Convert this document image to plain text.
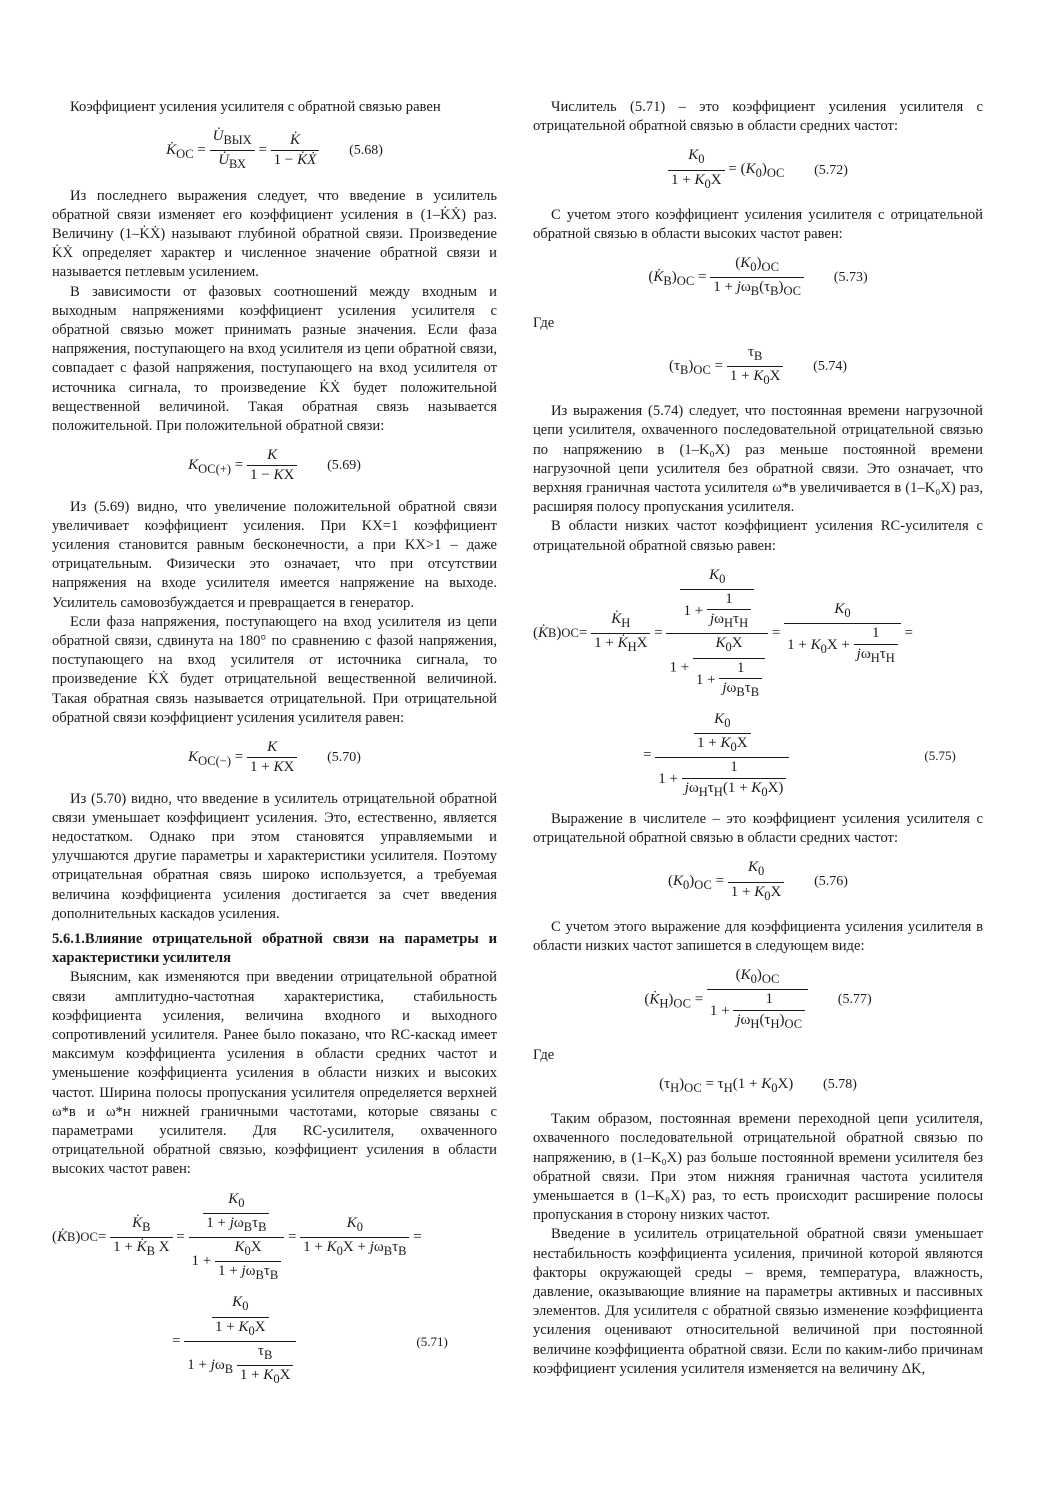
Коэффициент усиления усилителя с обратной связью равен

$K̇_{ОС} = \frac{U̇_{ВЫХ}}{U̇_{ВХ}} = \frac{K̇}{\text{1 − K̇Ẋ}} (5.68)$

Из последнего выражения следует, что введение в усилитель обратной связи изменяет его коэффициент усиления в (1–K̇Ẋ) раз. Величину (1–K̇Ẋ) называют глубиной обратной связи. Произведение K̇Ẋ определяет характер и численное значение обратной связи и называется петлевым усилением.

В зависимости от фазовых соотношений между входным и выходным напряжениями коэффициент усиления усилителя с обратной связью может принимать разные значения. Если фаза напряжения, поступающего на вход усилителя из цепи обратной связи, совпадает с фазой напряжения, поступающего на вход усилителя от источника сигнала, то произведение K̇Ẋ будет положительной вещественной величиной. Такая обратная связь называется положительной. При положительной обратной связи:

$K_{ОС(+)} = \frac{K}{1 - KX} (5.69)$

Из (5.69) видно, что увеличение положительной обратной связи увеличивает коэффициент усиления. При KX=1 коэффициент усиления становится равным бесконечности, а при KX>1 – даже отрицательным. Физически это означает, что при отсутствии напряжения на входе усилителя имеется напряжение на выходе. Усилитель самовозбуждается и превращается в генератор.

Если фаза напряжения, поступающего на вход усилителя из цепи обратной связи, сдвинута на 180° по сравнению с фазой напряжения, поступающего на вход усилителя от источника сигнала, то произведение K̇Ẋ будет отрицательной вещественной величиной. Такая обратная связь называется отрицательной. При отрицательной обратной связи коэффициент усиления усилителя равен:

$K_{ОС(-)} = \frac{K}{1 + KX} (5.70)$

Из (5.70) видно, что введение в усилитель отрицательной обратной связи уменьшает коэффициент усиления. Это, естественно, является недостатком. Однако при этом становятся управляемыми и улучшаются другие параметры и характеристики усилителя. Поэтому отрицательная обратная связь широко используется, а требуемая величина коэффициента усиления достигается за счет введения дополнительных каскадов усиления.

5.6.1.Влияние отрицательной обратной связи на параметры и характеристики усилителя

Выясним, как изменяются при введении отрицательной обратной связи амплитудно-частотная характеристика, стабильность коэффициента усиления, величина входного и выходного сопротивлений усилителя. Ранее было показано, что RC-каскад имеет максимум коэффициента усиления в области средних частот и уменьшение коэффициента усиления в области низких и высоких частот. Ширина полосы пропускания усилителя определяется верхней ω*в и ω*н нижней граничными частотами, которые связаны с параметрами усилителя. Для RC-усилителя, охваченного отрицательной обратной связью, коэффициент усиления в области высоких частот равен:

( K̇ В ) ОС = $\frac{K̇_В}{1 + K̇_В X} = \frac{\frac{K_0}{1 + j\omega_В\tau_В}}{1 + \frac{K_0X}{1 + j\omega_В\tau_В}} = \frac{K_0}{1 + K_0X + j\omega_В\tau_В}$ =
= $\frac{\frac{K_0}{1 + K_0X}}{1 + j\omega_В \frac{\tau_В}{1 + K_0X}}$	(5.71)

Числитель (5.71) – это коэффициент усиления усилителя с отрицательной обратной связью в области средних частот:

$\frac{K_0}{1 + K_0X} = (K_0)_{ОС}$ (5.72)

С учетом этого коэффициент усиления усилителя с отрицательной обратной связью в области высоких частот равен:

$(K̇_В)_{ОС} = \frac{(K_0)_{ОС}}{1 + j\omega_В(\tau_В)_{ОС}} (5.73)$

Где

$(\tau_В)_{ОС} = \frac{\tau_В}{1 + K_0X} (5.74)$

Из выражения (5.74) следует, что постоянная времени нагрузочной цепи усилителя, охваченного последовательной отрицательной связью по напряжению в (1–K₀X) раз меньше постоянной времени нагрузочной цепи усилителя без обратной связи. Это означает, что верхняя граничная частота усилителя ω*в увеличивается в (1–K₀X) раз, расширяя полосу пропускания усилителя.

В области низких частот коэффициент усиления RC-усилителя с отрицательной обратной связью равен:

( K̇ В ) ОС = $\frac{K̇_Н}{1 + K̇_НX} = \frac{\frac{K_0}{1 + \frac{1}{j\omega_Н\tau_Н}}}{1 + \frac{K_0X}{1 + \frac{1}{j\omega_В\tau_В}}} = \frac{K_0}{1 + K_0X + \frac{1}{j\omega_Н\tau_Н}}$ =
= $\frac{\frac{K_0}{1 + K_0X}}{1 + \frac{1}{j\omega_Н\tau_Н(1 + K_0X)}}$	(5.75)

Выражение в числителе – это коэффициент усиления усилителя с отрицательной обратной связью в области средних частот:

$(K_0)_{ОС} = \frac{K_0}{1 + K_0X} (5.76)$

С учетом этого выражение для коэффициента усиления усилителя в области низких частот запишется в следующем виде:

$(K̇_Н)_{ОС} = \frac{(K_0)_{ОС}}{1 + \frac{1}{j\omega_Н(\tau_Н)_{ОС}}} (5.77)$

Где

$(\tau_Н)_{ОС} = \tau_Н(1 + K_0X)$ (5.78)

Таким образом, постоянная времени переходной цепи усилителя, охваченного последовательной отрицательной обратной связью по напряжению, в (1–K₀X) раз больше постоянной времени усилителя без обратной связи. При этом нижняя граничная частота усилителя уменьшается в (1–K₀X) раз, то есть происходит расширение полосы пропускания в сторону низких частот.

Введение в усилитель отрицательной обратной связи уменьшает нестабильность коэффициента усиления, причиной которой являются факторы окружающей среды – время, температура, влажность, давление, оказывающие влияние на параметры активных и пассивных элементов. Для усилителя с обратной связью изменение коэффициента усиления оценивают относительной величиной при постоянной величине коэффициента обратной связи. Если по каким-либо причинам коэффициент усиления усилителя изменяется на величину ΔK,
